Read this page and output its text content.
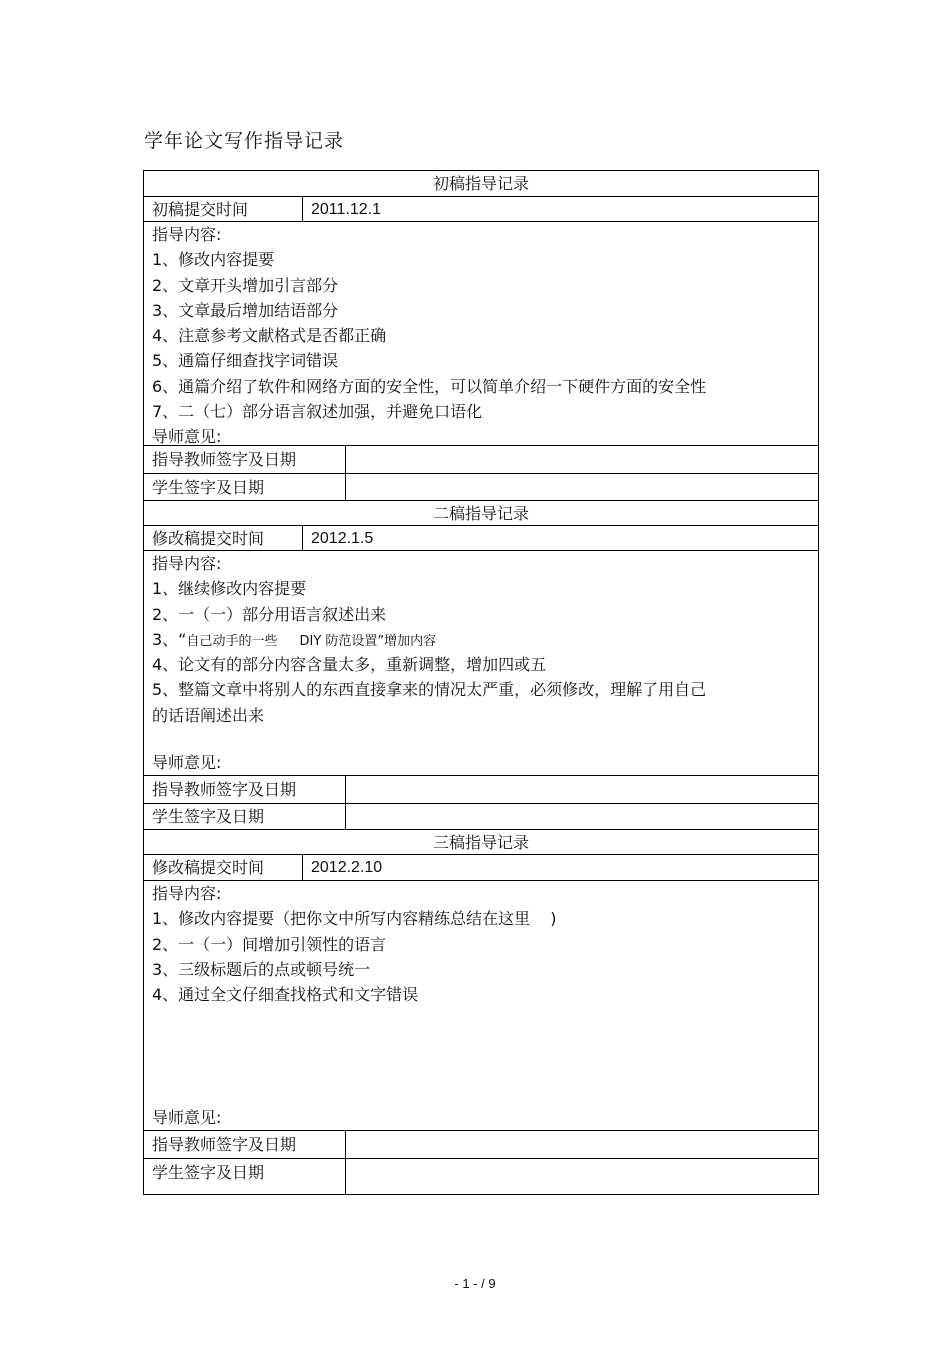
学年论文写作指导记录
初稿指导记录
初稿提交时间	2011.12.1
指导内容:
1、修改内容提要
2、文章开头增加引言部分
3、文章最后增加结语部分
4、注意参考文献格式是否都正确
5、通篇仔细查找字词错误
6、通篇介绍了软件和网络方面的安全性，可以简单介绍一下硬件方面的安全性
7、二（七）部分语言叙述加强，并避免口语化
导师意见:
指导教师签字及日期
学生签字及日期
二稿指导记录
修改稿提交时间	2012.1.5
指导内容:
1、继续修改内容提要
2、一（一）部分用语言叙述出来
3、“自己动手的一些 DIY 防范设置”增加内容
4、论文有的部分内容含量太多，重新调整，增加四或五
5、整篇文章中将别人的东西直接拿来的情况太严重，必须修改，理解了用自己
的话语阐述出来
导师意见:
指导教师签字及日期
学生签字及日期
三稿指导记录
修改稿提交时间	2012.2.10
指导内容:
1、修改内容提要（把你文中所写内容精练总结在这里 )
2、一（一）间增加引领性的语言
3、三级标题后的点或顿号统一
4、通过全文仔细查找格式和文字错误
导师意见:
指导教师签字及日期
学生签字及日期
- 1 - / 9
